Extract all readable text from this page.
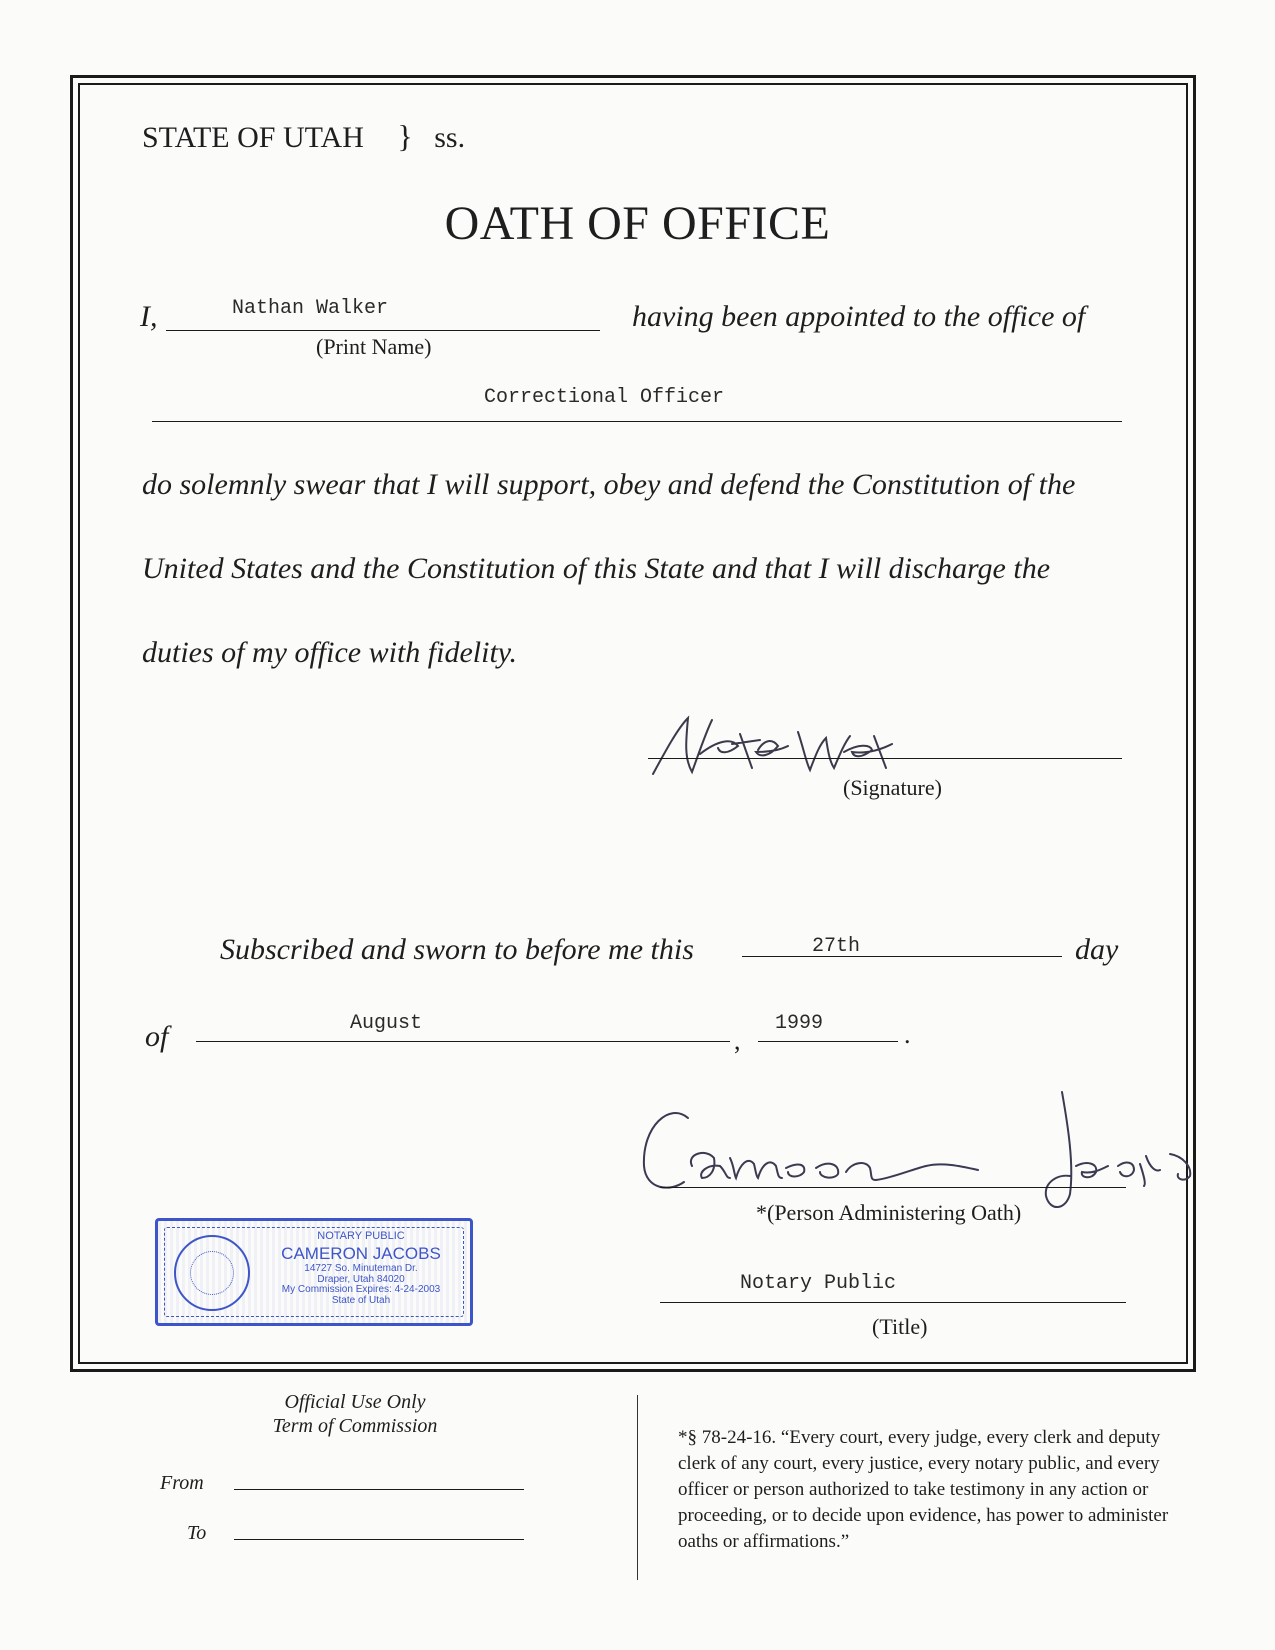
STATE OF UTAH } ss.
OATH OF OFFICE
I,	Nathan Walker
(Print Name)
having been appointed to the office of
Correctional Officer
do solemnly swear that I will support, obey and defend the Constitution of the
United States and the Constitution of this State and that I will discharge the
duties of my office with fidelity.
(Signature)
Subscribed and sworn to before me this	27th	day
of	August
,
1999	.
*(Person Administering Oath)
Notary Public
(Title)
NOTARY PUBLIC
CAMERON JACOBS
14727 So. Minuteman Dr.
Draper, Utah 84020
My Commission Expires: 4-24-2003
State of Utah
Official Use Only
Term of Commission
From
To
*§ 78-24-16. “Every court, every judge, every clerk and deputy clerk of any court, every justice, every notary public, and every officer or person authorized to take testimony in any action or proceeding, or to decide upon evidence, has power to administer oaths or affirmations.”
